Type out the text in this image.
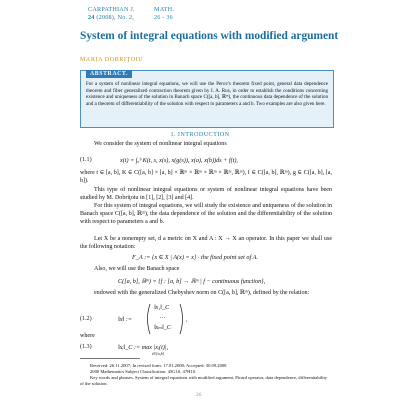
CARPATHIAN J.
24 (2008), No. 2,
MATH.
26 - 36
System of integral equations with modified argument
MARIA DOBRIŢOIU
ABSTRACT.
For a system of nonlinear integral equations, we will use the Perov's theorem fixed point, general data dependence theorem and fiber generalized contraction theorem given by I. A. Rus, in order to establish the conditions concerning existence and uniqueness of the solution in Banach space C([a, b], ℝᵐ), the continuous data dependence of the solution and a theorem of differentiability of the solution with respect to parameters a and b. Two examples are also given here.
1. INTRODUCTION
We consider the system of nonlinear integral equations
(1.1)	x(t) = ∫ₐᵇ K(t, s, x(s), x(g(s)), x(a), x(b))ds + f(t),
where t ∈ [a, b], K ∈ C([a, b] × [a, b] × ℝᵐ × ℝᵐ × ℝᵐ × ℝᵐ, ℝᵐ), f ∈ C([a, b], ℝᵐ), g ∈ C([a, b], [a, b]).
This type of nonlinear integral equations or system of nonlinear integral equations have been studied by M. Dobriţoiu in [1], [2], [3] and [4].
For this system of integral equations, we will study the existence and uniqueness of the solution in Banach space C([a, b], ℝᵐ), the data dependence of the solution and the differentiability of the solution with respect to parameters a and b.
Let X be a nonempty set, d a metric on X and A : X → X an operator. In this paper we shall use the following notation:
F_A := {x ∈ X | A(x) = x} · the fixed point set of A.
Also, we will use the Banach space
C([a, b], ℝᵐ) = {f : [a, b] → ℝᵐ | f − continuous function},
endowed with the generalized Chebyshev norm on C([a, b], ℝᵐ), defined by the relation:
(1.2)	‖x‖ :=
‖x₁‖_C
…
‖xₘ‖_C
,
where
(1.3)	‖xᵢ‖_C := max |xᵢ(t)|,
t∈[a,b]
Received: 26.11.2007; In revised form: 17.01.2008; Accepted: 30.09.2008
2000 Mathematics Subject Classification. 45G10, 47H10.
Key words and phrases. System of integral equations with modified argument, Picard operator, data dependence, differentiability of the solution.
26
